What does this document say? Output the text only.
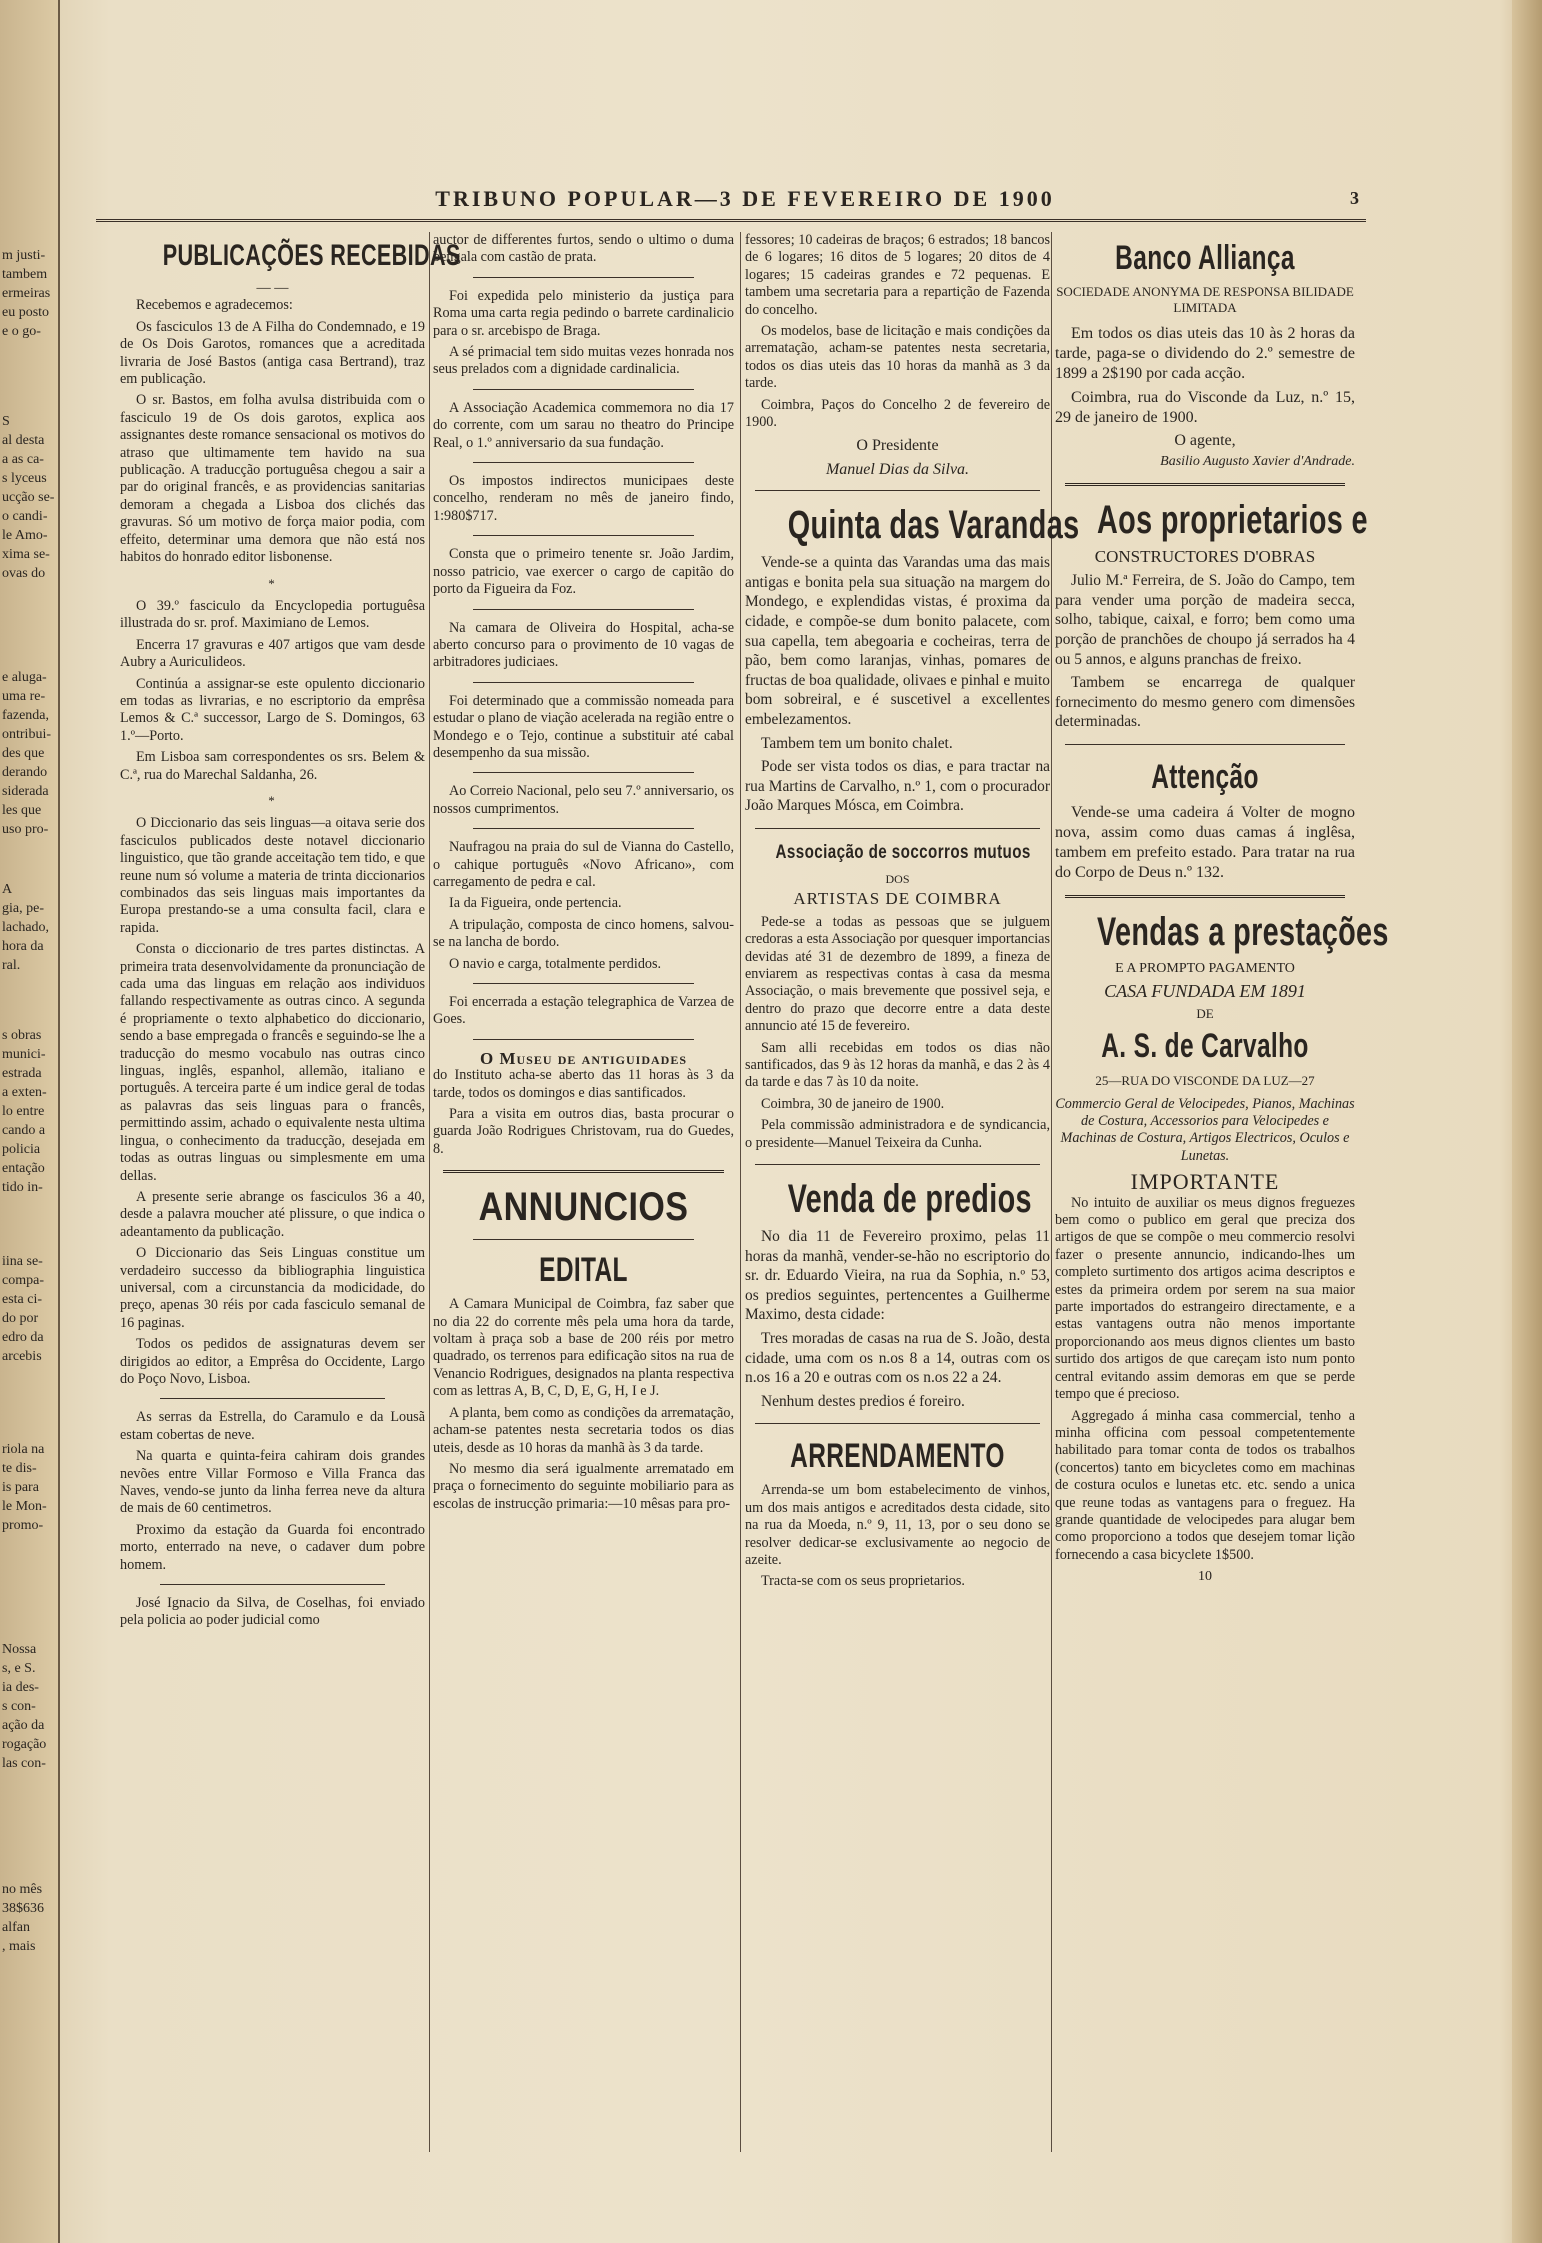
m justi-
tambem
ermeiras
eu posto
e o go-
S
al desta
a as ca-
s lyceus
ucção se-
o candi-
le Amo-
xima se-
ovas do
e aluga-
uma re-
fazenda,
ontribui-
des que
derando
siderada
les que
uso pro-
A
gia, pe-
lachado,
hora da
ral.
s obras
munici-
estrada
a exten-
lo entre
cando a
policia
entação
tido in-
iina se-
compa-
esta ci-
do por
edro da
arcebis
riola na
te dis-
is para
le Mon-
promo-
Nossa
s, e S.
ia des-
s con-
ação da
rogação
las con-
no mês
38$636
alfan
, mais
TRIBUNO POPULAR—3 DE FEVEREIRO DE 1900	3
PUBLICAÇÕES RECEBIDAS
— —

Recebemos e agradecemos:

Os fasciculos 13 de A Filha do Condemnado, e 19 de Os Dois Garotos, romances que a acreditada livraria de José Bastos (antiga casa Bertrand), traz em publicação.

O sr. Bastos, em folha avulsa distribuida com o fasciculo 19 de Os dois garotos, explica aos assignantes deste romance sensacional os motivos do atraso que ultimamente tem havido na sua publicação. A traducção portuguêsa chegou a sair a par do original francês, e as providencias sanitarias demoram a chegada a Lisboa dos clichés das gravuras. Só um motivo de força maior podia, com effeito, determinar uma demora que não está nos habitos do honrado editor lisbonense.

*

O 39.º fasciculo da Encyclopedia portuguêsa illustrada do sr. prof. Maximiano de Lemos.

Encerra 17 gravuras e 407 artigos que vam desde Aubry a Auriculideos.

Continúa a assignar-se este opulento diccionario em todas as livrarias, e no escriptorio da emprêsa Lemos & C.ª successor, Largo de S. Domingos, 63 1.º—Porto.

Em Lisboa sam correspondentes os srs. Belem & C.ª, rua do Marechal Saldanha, 26.

*

O Diccionario das seis linguas—a oitava serie dos fasciculos publicados deste notavel diccionario linguistico, que tão grande acceitação tem tido, e que reune num só volume a materia de trinta diccionarios combinados das seis linguas mais importantes da Europa prestando-se a uma consulta facil, clara e rapida.

Consta o diccionario de tres partes distinctas. A primeira trata desenvolvidamente da pronunciação de cada uma das linguas em relação aos individuos fallando respectivamente as outras cinco. A segunda é propriamente o texto alphabetico do diccionario, sendo a base empregada o francês e seguindo-se lhe a traducção do mesmo vocabulo nas outras cinco linguas, inglês, espanhol, allemão, italiano e português. A terceira parte é um indice geral de todas as palavras das seis linguas para o francês, permittindo assim, achado o equivalente nesta ultima lingua, o conhecimento da traducção, desejada em todas as outras linguas ou simplesmente em uma dellas.

A presente serie abrange os fasciculos 36 a 40, desde a palavra moucher até plissure, o que indica o adeantamento da publicação.

O Diccionario das Seis Linguas constitue um verdadeiro successo da bibliographia linguistica universal, com a circunstancia da modicidade, do preço, apenas 30 réis por cada fasciculo semanal de 16 paginas.

Todos os pedidos de assignaturas devem ser dirigidos ao editor, a Emprêsa do Occidente, Largo do Poço Novo, Lisboa.

As serras da Estrella, do Caramulo e da Lousã estam cobertas de neve.

Na quarta e quinta-feira cahiram dois grandes nevões entre Villar Formoso e Villa Franca das Naves, vendo-se junto da linha ferrea neve da altura de mais de 60 centimetros.

Proximo da estação da Guarda foi encontrado morto, enterrado na neve, o cadaver dum pobre homem.

José Ignacio da Silva, de Coselhas, foi enviado pela policia ao poder judicial como

auctor de differentes furtos, sendo o ultimo o duma bengala com castão de prata.

Foi expedida pelo ministerio da justiça para Roma uma carta regia pedindo o barrete cardinalicio para o sr. arcebispo de Braga.

A sé primacial tem sido muitas vezes honrada nos seus prelados com a dignidade cardinalicia.

A Associação Academica commemora no dia 17 do corrente, com um sarau no theatro do Principe Real, o 1.º anniversario da sua fundação.

Os impostos indirectos municipaes deste concelho, renderam no mês de janeiro findo, 1:980$717.

Consta que o primeiro tenente sr. João Jardim, nosso patricio, vae exercer o cargo de capitão do porto da Figueira da Foz.

Na camara de Oliveira do Hospital, acha-se aberto concurso para o provimento de 10 vagas de arbitradores judiciaes.

Foi determinado que a commissão nomeada para estudar o plano de viação acelerada na região entre o Mondego e o Tejo, continue a substituir até cabal desempenho da sua missão.

Ao Correio Nacional, pelo seu 7.º anniversario, os nossos cumprimentos.

Naufragou na praia do sul de Vianna do Castello, o cahique português «Novo Africano», com carregamento de pedra e cal.

Ia da Figueira, onde pertencia.

A tripulação, composta de cinco homens, salvou-se na lancha de bordo.

O navio e carga, totalmente perdidos.

Foi encerrada a estação telegraphica de Varzea de Goes.

O Museu de antiguidades

do Instituto acha-se aberto das 11 horas às 3 da tarde, todos os domingos e dias santificados.

Para a visita em outros dias, basta procurar o guarda João Rodrigues Christovam, rua do Guedes, 8.

ANNUNCIOS
EDITAL

A Camara Municipal de Coimbra, faz saber que no dia 22 do corrente mês pela uma hora da tarde, voltam à praça sob a base de 200 réis por metro quadrado, os terrenos para edificação sitos na rua de Venancio Rodrigues, designados na planta respectiva com as lettras A, B, C, D, E, G, H, I e J.

A planta, bem como as condições da arrematação, acham-se patentes nesta secretaria todos os dias uteis, desde as 10 horas da manhã às 3 da tarde.

No mesmo dia será igualmente arrematado em praça o fornecimento do seguinte mobiliario para as escolas de instrucção primaria:—10 mêsas para pro-

fessores; 10 cadeiras de braços; 6 estrados; 18 bancos de 6 logares; 16 ditos de 5 logares; 20 ditos de 4 logares; 15 cadeiras grandes e 72 pequenas. E tambem uma secretaria para a repartição de Fazenda do concelho.

Os modelos, base de licitação e mais condições da arrematação, acham-se patentes nesta secretaria, todos os dias uteis das 10 horas da manhã as 3 da tarde.

Coimbra, Paços do Concelho 2 de fevereiro de 1900.

O Presidente
Manuel Dias da Silva.
Quinta das Varandas

Vende-se a quinta das Varandas uma das mais antigas e bonita pela sua situação na margem do Mondego, e explendidas vistas, é proxima da cidade, e compõe-se dum bonito palacete, com sua capella, tem abegoaria e cocheiras, terra de pão, bem como laranjas, vinhas, pomares de fructas de boa qualidade, olivaes e pinhal e muito bom sobreiral, e é suscetivel a excellentes embelezamentos.

Tambem tem um bonito chalet.

Pode ser vista todos os dias, e para tractar na rua Martins de Carvalho, n.º 1, com o procurador João Marques Móscа, em Coimbra.

Associação de soccorros mutuos
DOS
ARTISTAS DE COIMBRA

Pede-se a todas as pessoas que se julguem credoras a esta Associação por quesquer importancias devidas até 31 de dezembro de 1899, a fineza de enviarem as respectivas contas à casa da mesma Associação, o mais brevemente que possivel seja, e dentro do prazo que decorre entre a data deste annuncio até 15 de fevereiro.

Sam alli recebidas em todos os dias não santificados, das 9 às 12 horas da manhã, e das 2 às 4 da tarde e das 7 às 10 da noite.

Coimbra, 30 de janeiro de 1900.

Pela commissão administradora e de syndicancia, o presidente—Manuel Teixeira da Cunha.

Venda de predios

No dia 11 de Fevereiro proximo, pelas 11 horas da manhã, vender-se-hão no escriptorio do sr. dr. Eduardo Vieira, na rua da Sophia, n.º 53, os predios seguintes, pertencentes a Guilherme Maximo, desta cidade:

Tres moradas de casas na rua de S. João, desta cidade, uma com os n.os 8 a 14, outras com os n.os 16 a 20 e outras com os n.os 22 a 24.

Nenhum destes predios é foreiro.

ARRENDAMENTO

Arrenda-se um bom estabelecimento de vinhos, um dos mais antigos e acreditados desta cidade, sito na rua da Moeda, n.º 9, 11, 13, por o seu dono se resolver dedicar-se exclusivamente ao negocio de azeite.

Tracta-se com os seus proprietarios.

Banco Alliança
SOCIEDADE ANONYMA DE RESPONSA BILIDADE LIMITADA

Em todos os dias uteis das 10 às 2 horas da tarde, paga-se o dividendo do 2.º semestre de 1899 a 2$190 por cada acção.

Coimbra, rua do Visconde da Luz, n.º 15, 29 de janeiro de 1900.

O agente,
Basilio Augusto Xavier d'Andrade.
Aos proprietarios e
CONSTRUCTORES D'OBRAS

Julio M.ª Ferreira, de S. João do Campo, tem para vender uma porção de madeira secca, solho, tabique, caixal, e forro; bem como uma porção de pranchões de choupo já serrados ha 4 ou 5 annos, e alguns pranchas de freixo.

Tambem se encarrega de qualquer fornecimento do mesmo genero com dimensões determinadas.

Attenção

Vende-se uma cadeira á Volter de mogno nova, assim como duas camas á inglêsa, tambem em prefeito estado. Para tratar na rua do Corpo de Deus n.º 132.

Vendas a prestações
E A PROMPTO PAGAMENTO
CASA FUNDADA EM 1891
DE
A. S. de Carvalho
25—RUA DO VISCONDE DA LUZ—27

Commercio Geral de Velocipedes, Pianos, Machinas de Costura, Accessorios para Velocipedes e Machinas de Costura, Artigos Electricos, Oculos e Lunetas.

IMPORTANTE

No intuito de auxiliar os meus dignos freguezes bem como o publico em geral que preciza dos artigos de que se compõe o meu commercio resolvi fazer o presente annuncio, indicando-lhes um completo surtimento dos artigos acima descriptos e estes da primeira ordem por serem na sua maior parte importados do estrangeiro directamente, e a estas vantagens outra não menos importante proporcionando aos meus dignos clientes um basto surtido dos artigos de que careçam isto num ponto central evitando assim demoras em que se perde tempo que é precioso.

Aggregado á minha casa commercial, tenho a minha officina com pessoal competentemente habilitado para tomar conta de todos os trabalhos (concertos) tanto em bicycletes como em machinas de costura oculos e lunetas etc. etc. sendo a unica que reune todas as vantagens para o freguez. Ha grande quantidade de velocipedes para alugar bem como proporciono a todos que desejem tomar lição fornecendo a casa bicyclete 1$500.

10
